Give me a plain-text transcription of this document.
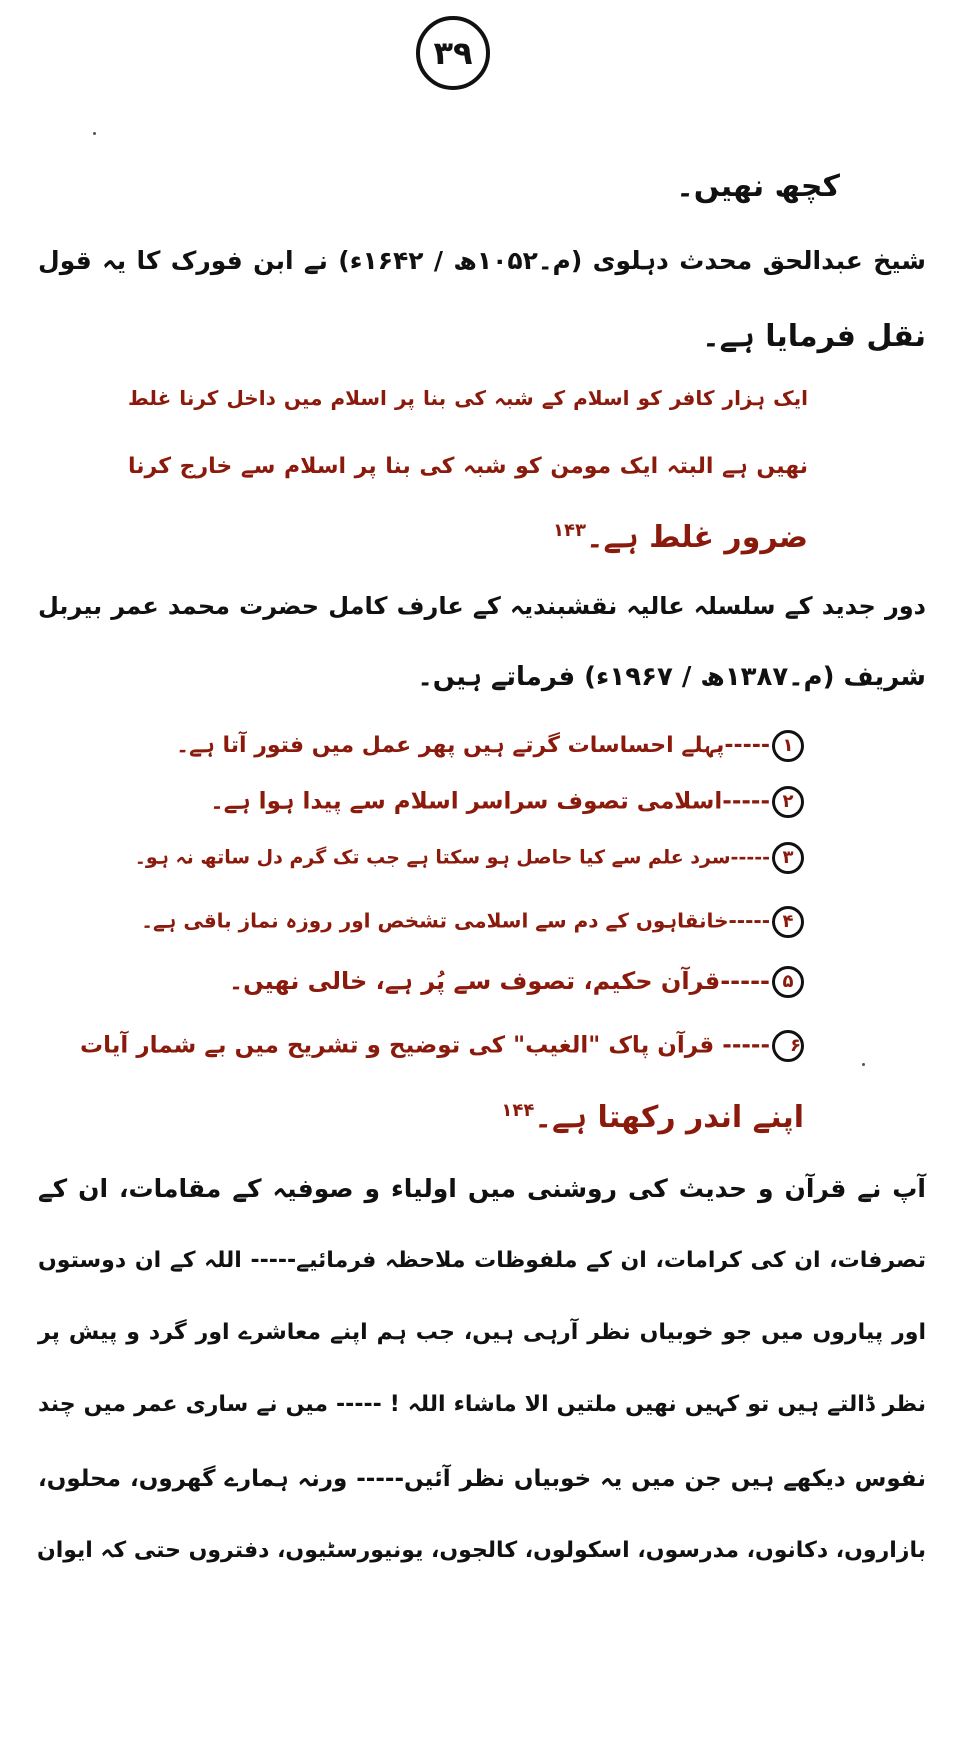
۳۹
کچھ نھیں۔
شیخ عبدالحق محدث دہلوی (م۔۱۰۵۲ھ / ۱۶۴۲ء) نے ابن فورک کا یہ قول
نقل فرمایا ہے۔
ایک ہزار کافر کو اسلام کے شبہ کی بنا پر اسلام میں داخل کرنا غلط
نھیں ہے البتہ ایک مومن کو شبہ کی بنا پر اسلام سے خارج کرنا
ضرور غلط ہے۔$^{۱۴۳}$
دور جدید کے سلسلہ عالیہ نقشبندیہ کے عارف کامل حضرت محمد عمر بیربل
شریف (م۔۱۳۸۷ھ / ۱۹۶۷ء) فرماتے ہیں۔
۱-----پہلے احساسات گرتے ہیں پھر عمل میں فتور آتا ہے۔
۲-----اسلامی تصوف سراسر اسلام سے پیدا ہوا ہے۔
۳-----سرد علم سے کیا حاصل ہو سکتا ہے جب تک گرم دل ساتھ نہ ہو۔
۴-----خانقاہوں کے دم سے اسلامی تشخص اور روزہ نماز باقی ہے۔
۵-----قرآن حکیم، تصوف سے پُر ہے، خالی نھیں۔
۶----- قرآن پاک "الغیب" کی توضیح و تشریح میں بے شمار آیات
اپنے اندر رکھتا ہے۔$^{۱۴۴}$
آپ نے قرآن و حدیث کی روشنی میں اولیاء و صوفیہ کے مقامات، ان کے
تصرفات، ان کی کرامات، ان کے ملفوظات ملاحظہ فرمائیے----- اللہ کے ان دوستوں
اور پیاروں میں جو خوبیاں نظر آرہی ہیں، جب ہم اپنے معاشرے اور گرد و پیش پر
نظر ڈالتے ہیں تو کہیں نھیں ملتیں الا ماشاء اللہ ! ----- میں نے ساری عمر میں چند
نفوس دیکھے ہیں جن میں یہ خوبیاں نظر آئیں----- ورنہ ہمارے گھروں، محلوں،
بازاروں، دکانوں، مدرسوں، اسکولوں، کالجوں، یونیورسٹیوں، دفتروں حتی کہ ایوان
